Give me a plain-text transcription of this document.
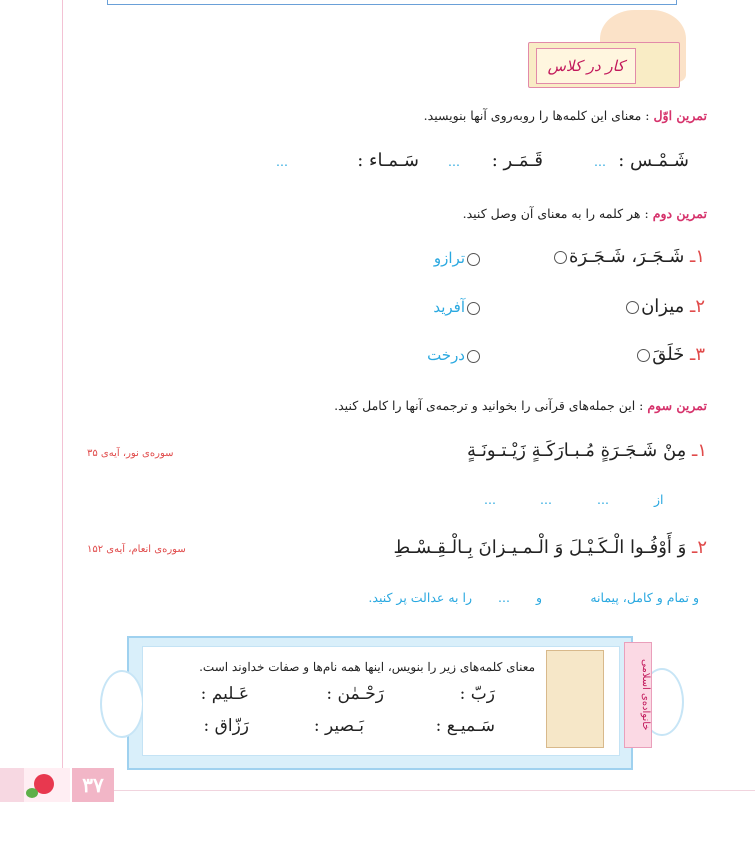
کار در کلاس
تمرین اوّل : معنای این کلمه‌ها را روبه‌روی آنها بنویسید.
شَـمْـس :
...
قَـمَـر :
...
سَـمـاء :
...
تمرین دوم : هر کلمه را به معنای آن وصل کنید.
۱ـ شَـجَـرَ، شَـجَـرَة
۲ـ میزان
۳ـ خَلَقَ
ترازو
آفرید
درخت
تمرین سوم : این جمله‌های قرآنی را بخوانید و ترجمه‌ی آنها را کامل کنید.
۱ـ مِنْ شَـجَـرَةٍ مُـبـارَكَـةٍ زَیْـتـونَـةٍ
سوره‌ی نور، آیه‌ی ۳۵
از
...
...
...
۲ـ وَ أَوْفُـوا الْـكَـیْـلَ وَ الْـمـیـزانَ بِـالْـقِـسْـطِ
سوره‌ی انعام، آیه‌ی ۱۵۲
و تمام و کامل، پیمانه
و
...
را به عدالت پر کنید.
خانواده‌ی اسلامی
معنای کلمه‌های زیر را بنویس، اینها همه نام‌ها و صفات خداوند است.
رَبّ :
رَحْـمٰن :
عَـلیم :
سَـمیـع :
بَـصیر :
رَزّاق :
۳۷
